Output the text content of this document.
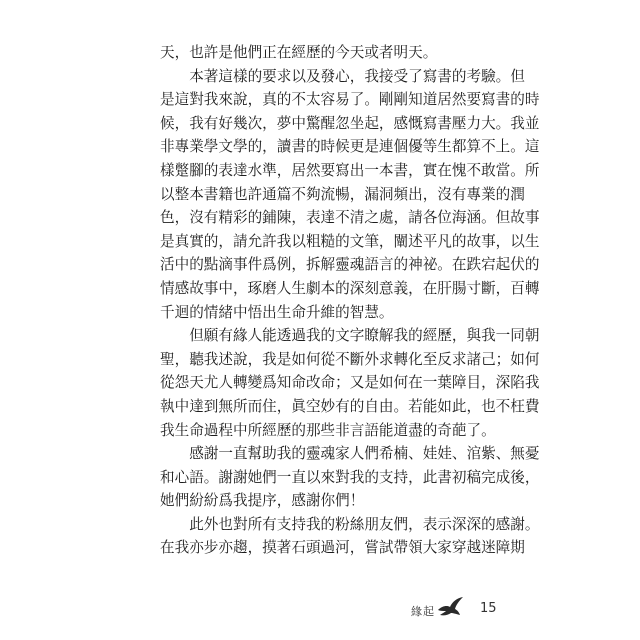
天，也許是他們正在經歷的今天或者明天。
　　本著這樣的要求以及發心，我接受了寫書的考驗。但
是這對我來說，真的不太容易了。剛剛知道居然要寫書的時
候，我有好幾次，夢中驚醒忽坐起，感慨寫書壓力大。我並
非專業學文學的，讀書的時候更是連個優等生都算不上。這
樣蹩腳的表達水準，居然要寫出一本書，實在愧不敢當。所
以整本書籍也許通篇不夠流暢，漏洞頻出，沒有專業的潤
色，沒有精彩的鋪陳，表達不清之處，請各位海涵。但故事
是真實的，請允許我以粗糙的文筆，闡述平凡的故事，以生
活中的點滴事件爲例，拆解靈魂語言的神祕。在跌宕起伏的
情感故事中，琢磨人生劇本的深刻意義，在肝腸寸斷，百轉
千迴的情緒中悟出生命升維的智慧。
　　但願有緣人能透過我的文字瞭解我的經歷，與我一同朝
聖，聽我述說，我是如何從不斷外求轉化至反求諸己；如何
從怨天尤人轉變爲知命改命；又是如何在一葉障目，深陷我
執中達到無所而住，眞空妙有的自由。若能如此，也不枉費
我生命過程中所經歷的那些非言語能道盡的奇葩了。
　　感謝一直幫助我的靈魂家人們希楠、娃娃、涫紫、無憂
和心語。謝謝她們一直以來對我的支持，此書初稿完成後，
她們紛紛爲我提序，感謝你們！
　　此外也對所有支持我的粉絲朋友們，表示深深的感謝。
在我亦步亦趨，摸著石頭過河，嘗試帶領大家穿越迷障期
緣起	15
